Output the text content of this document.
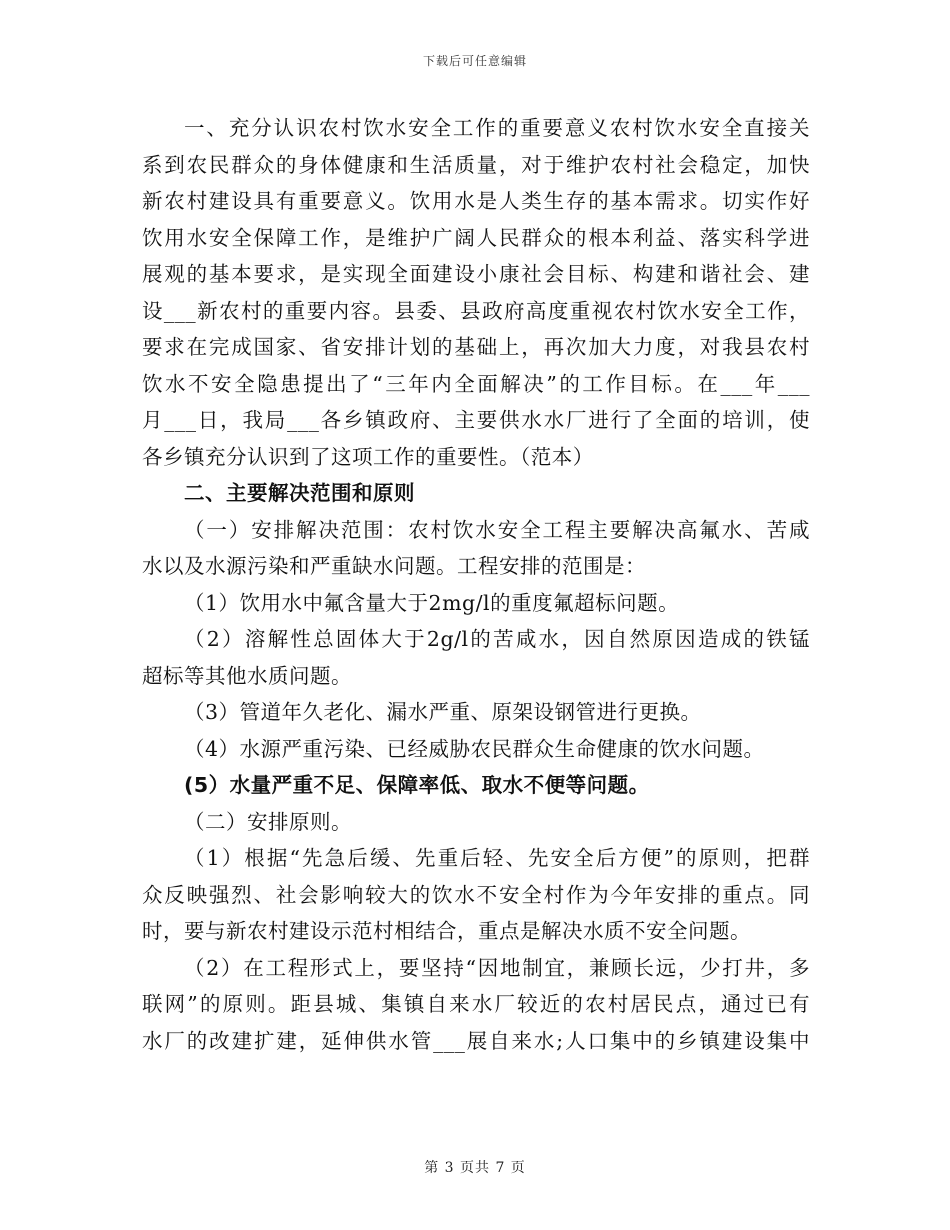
下载后可任意编辑
一、充分认识农村饮水安全工作的重要意义农村饮水安全直接关
系到农民群众的身体健康和生活质量，对于维护农村社会稳定，加快
新农村建设具有重要意义。饮用水是人类生存的基本需求。切实作好
饮用水安全保障工作，是维护广阔人民群众的根本利益、落实科学进
展观的基本要求，是实现全面建设小康社会目标、构建和谐社会、建
设___新农村的重要内容。县委、县政府高度重视农村饮水安全工作，
要求在完成国家、省安排计划的基础上，再次加大力度，对我县农村
饮水不安全隐患提出了“三年内全面解决”的工作目标。在___年___
月___日，我局___各乡镇政府、主要供水水厂进行了全面的培训，使
各乡镇充分认识到了这项工作的重要性。（范本）
二、主要解决范围和原则
（一）安排解决范围：农村饮水安全工程主要解决高氟水、苦咸
水以及水源污染和严重缺水问题。工程安排的范围是：
（1）饮用水中氟含量大于2mg/l的重度氟超标问题。
（2）溶解性总固体大于2g/l的苦咸水，因自然原因造成的铁锰
超标等其他水质问题。
（3）管道年久老化、漏水严重、原架设钢管进行更换。
（4）水源严重污染、已经威胁农民群众生命健康的饮水问题。
(5）水量严重不足、保障率低、取水不便等问题。
（二）安排原则。
（1）根据“先急后缓、先重后轻、先安全后方便”的原则，把群
众反映强烈、社会影响较大的饮水不安全村作为今年安排的重点。同
时，要与新农村建设示范村相结合，重点是解决水质不安全问题。
（2）在工程形式上，要坚持“因地制宜，兼顾长远，少打井，多
联网”的原则。距县城、集镇自来水厂较近的农村居民点，通过已有
水厂的改建扩建，延伸供水管___展自来水;人口集中的乡镇建设集中
第 3 页共 7 页
